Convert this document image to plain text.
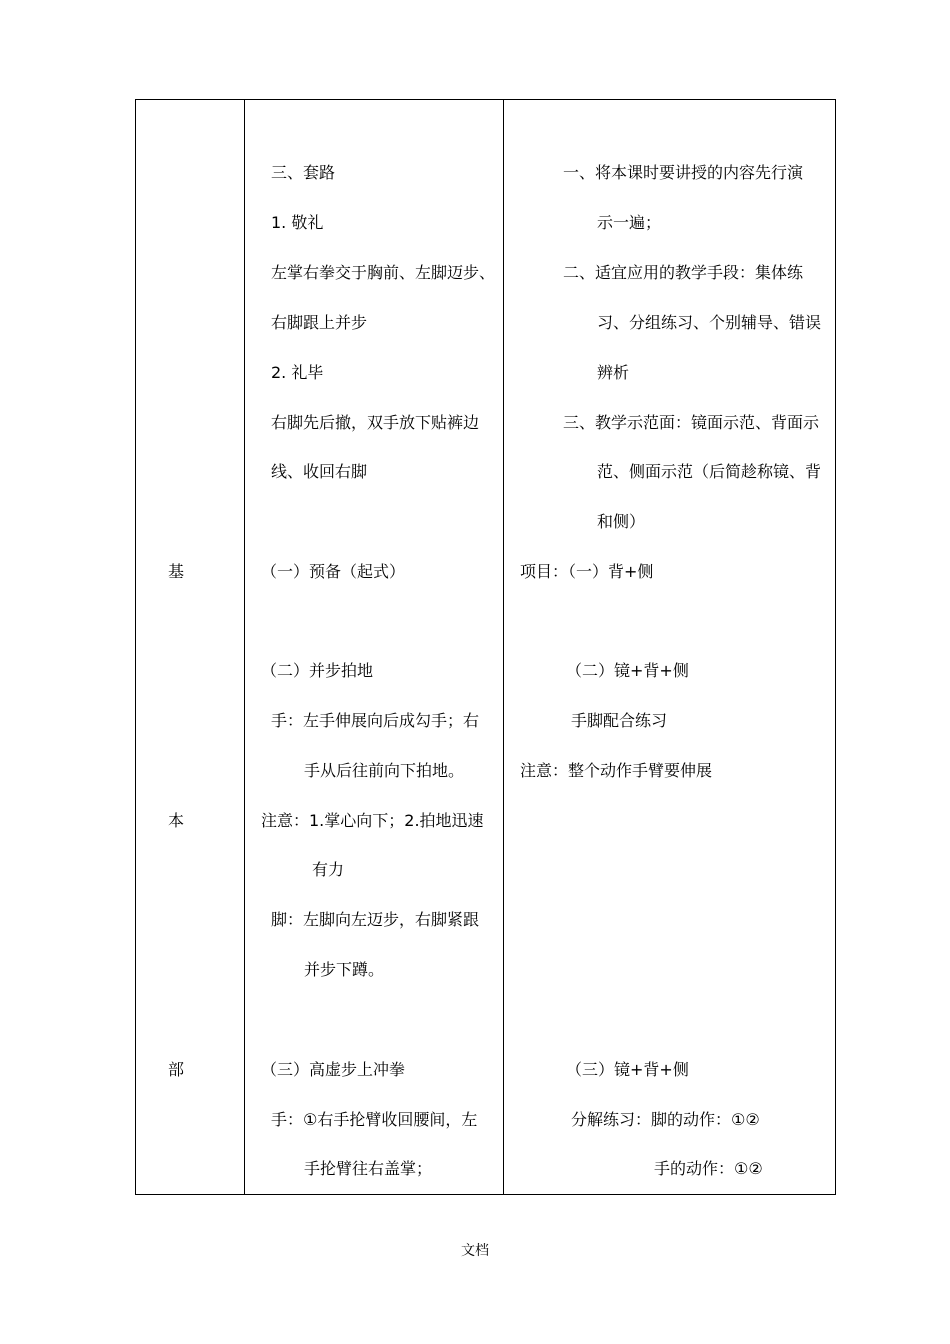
基
本
部
三、套路
1. 敬礼
左掌右拳交于胸前、左脚迈步、
右脚跟上并步
2. 礼毕
右脚先后撤，双手放下贴裤边
线、收回右脚
（一）预备（起式）
（二）并步拍地
手：左手伸展向后成勾手；右
手从后往前向下拍地。
注意：1.掌心向下；2.拍地迅速
有力
脚：左脚向左迈步，右脚紧跟
并步下蹲。
（三）高虚步上冲拳
手：①右手抡臂收回腰间，左
手抡臂往右盖掌；
一、将本课时要讲授的内容先行演
示一遍；
二、适宜应用的教学手段：集体练
习、分组练习、个别辅导、错误
辨析
三、教学示范面：镜面示范、背面示
范、侧面示范（后简趁称镜、背
和侧）
项目：（一）背+侧
（二）镜+背+侧
手脚配合练习
注意：整个动作手臂要伸展
（三）镜+背+侧
分解练习：脚的动作：①②
手的动作：①②
文档
